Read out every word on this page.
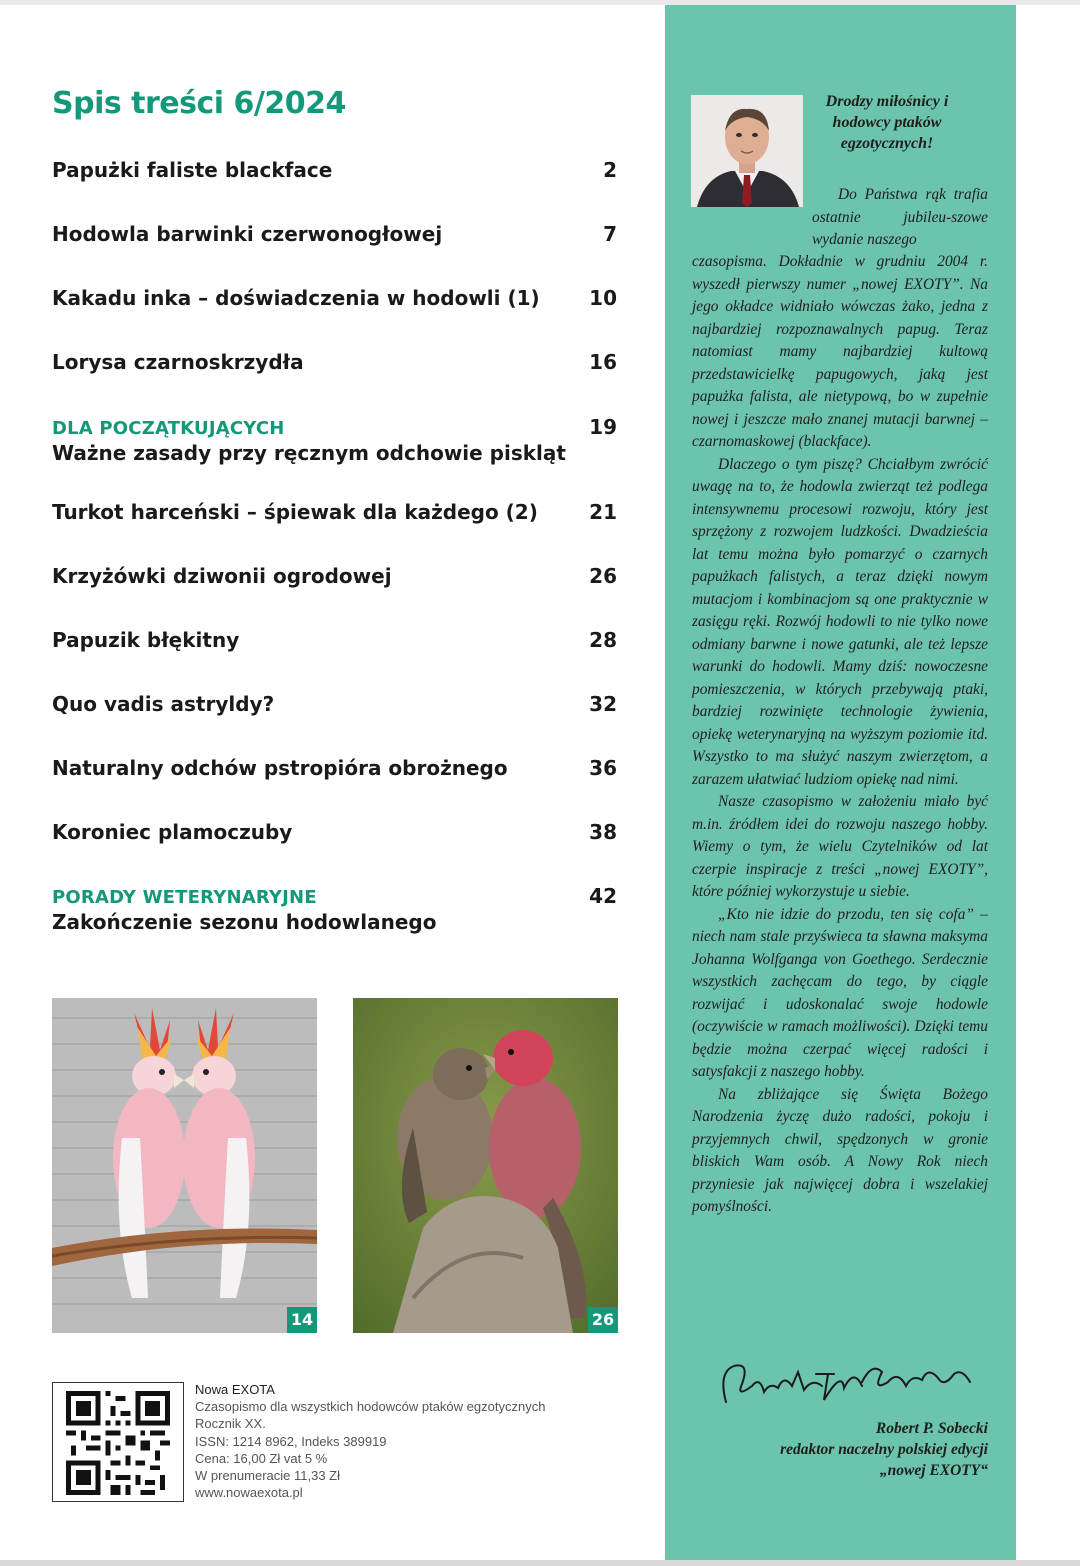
Spis treści 6/2024
Papużki faliste blackface	2
Hodowla barwinki czerwonogłowej	7
Kakadu inka – doświadczenia w hodowli (1) 10
Lorysa czarnoskrzydła	16
DLA POCZĄTKUJĄCYCH	19
Ważne zasady przy ręcznym odchowie piskląt
Turkot harceński – śpiewak dla każdego (2)	21
Krzyżówki dziwonii ogrodowej	26
Papuzik błękitny	28
Quo vadis astryldy?	32
Naturalny odchów pstropióra obrożnego	36
Koroniec plamoczuby	38
PORADY WETERYNARYJNE	42
Zakończenie sezonu hodowlanego
14	26
Nowa EXOTA
Czasopismo dla wszystkich hodowców ptaków egzotycznych
Rocznik XX.
ISSN: 1214 8962, Indeks 389919
Cena: 16,00 Zł vat 5 %
W prenumeracie 11,33 Zł
www.nowaexota.pl
Drodzy miłośnicy i hodowcy ptaków egzotycznych!

Do Państwa rąk trafia ostatnie jubileu-szowe wydanie naszego

czasopisma. Dokładnie w grudniu 2004 r. wyszedł pierwszy numer „nowej EXOTY”. Na jego okładce widniało wówczas żako, jedna z najbardziej rozpoznawalnych papug. Teraz natomiast mamy najbardziej kultową przedstawicielkę papugowych, jaką jest papużka falista, ale nietypową, bo w zupełnie nowej i jeszcze mało znanej mutacji barwnej – czarnomaskowej (blackface).

Dlaczego o tym piszę? Chciałbym zwrócić uwagę na to, że hodowla zwierząt też podlega intensywnemu procesowi rozwoju, który jest sprzężony z rozwojem ludzkości. Dwadzieścia lat temu można było pomarzyć o czarnych papużkach falistych, a teraz dzięki nowym mutacjom i kombinacjom są one praktycznie w zasięgu ręki. Rozwój hodowli to nie tylko nowe odmiany barwne i nowe gatunki, ale też lepsze warunki do hodowli. Mamy dziś: nowoczesne pomieszczenia, w których przebywają ptaki, bardziej rozwinięte technologie żywienia, opiekę weterynaryjną na wyższym poziomie itd. Wszystko to ma służyć naszym zwierzętom, a zarazem ułatwiać ludziom opiekę nad nimi.

Nasze czasopismo w założeniu miało być m.in. źródłem idei do rozwoju naszego hobby. Wiemy o tym, że wielu Czytelników od lat czerpie inspiracje z treści „nowej EXOTY”, które później wykorzystuje u siebie.

„Kto nie idzie do przodu, ten się cofa” – niech nam stale przyświeca ta sławna maksyma Johanna Wolfganga von Goethego. Serdecznie wszystkich zachęcam do tego, by ciągle rozwijać i udoskonalać swoje hodowle (oczywiście w ramach możliwości). Dzięki temu będzie można czerpać więcej radości i satysfakcji z naszego hobby.

Na zbliżające się Święta Bożego Narodzenia życzę dużo radości, pokoju i przyjemnych chwil, spędzonych w gronie bliskich Wam osób. A Nowy Rok niech przyniesie jak najwięcej dobra i wszelakiej pomyślności.

Robert P. Sobecki
redaktor naczelny polskiej edycji
„nowej EXOTY“
